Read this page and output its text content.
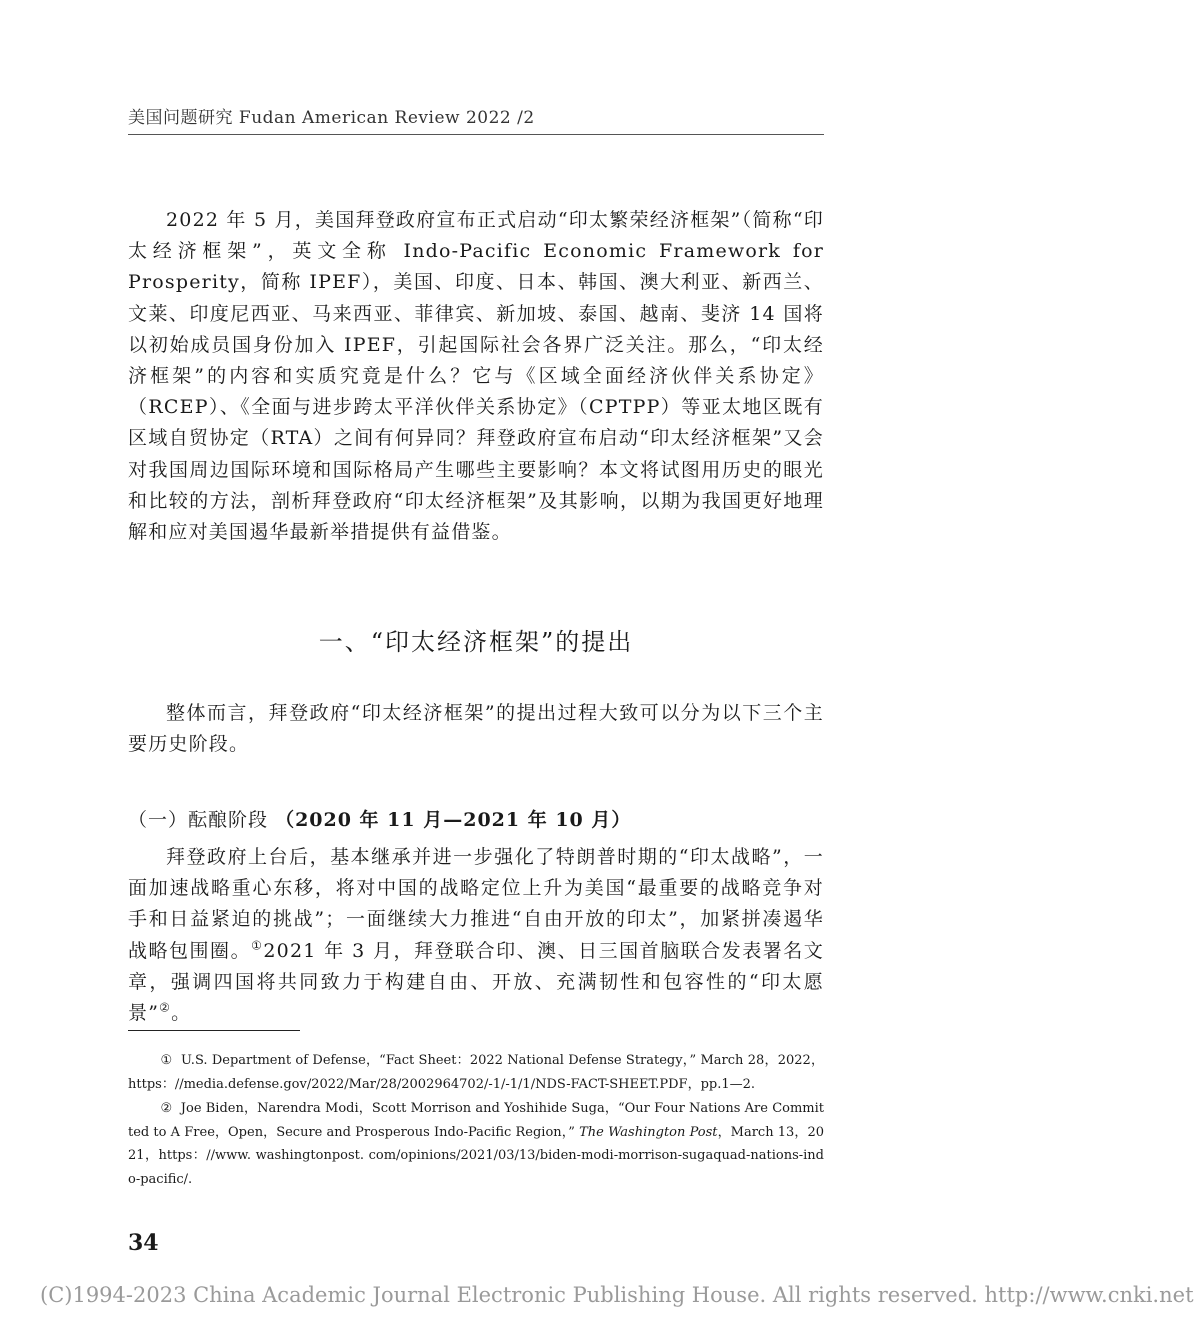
美国问题研究 Fudan American Review 2022 /2

2022 年 5 月，美国拜登政府宣布正式启动“印太繁荣经济框架”（简称“印太经济框架”，英文全称 Indo-Pacific Economic Framework for Prosperity，简称 IPEF），美国、印度、日本、韩国、澳大利亚、新西兰、文莱、印度尼西亚、马来西亚、菲律宾、新加坡、泰国、越南、斐济 14 国将以初始成员国身份加入 IPEF，引起国际社会各界广泛关注。那么，“印太经济框架”的内容和实质究竟是什么？它与《区域全面经济伙伴关系协定》（RCEP）、《全面与进步跨太平洋伙伴关系协定》（CPTPP）等亚太地区既有区域自贸协定（RTA）之间有何异同？拜登政府宣布启动“印太经济框架”又会对我国周边国际环境和国际格局产生哪些主要影响？本文将试图用历史的眼光和比较的方法，剖析拜登政府“印太经济框架”及其影响，以期为我国更好地理解和应对美国遏华最新举措提供有益借鉴。

一、“印太经济框架”的提出

整体而言，拜登政府“印太经济框架”的提出过程大致可以分为以下三个主要历史阶段。

（一）酝酿阶段 （2020 年 11 月—2021 年 10 月）

拜登政府上台后，基本继承并进一步强化了特朗普时期的“印太战略”，一面加速战略重心东移，将对中国的战略定位上升为美国“最重要的战略竞争对手和日益紧迫的挑战”；一面继续大力推进“自由开放的印太”，加紧拼凑遏华战略包围圈。①2021 年 3 月，拜登联合印、澳、日三国首脑联合发表署名文章，强调四国将共同致力于构建自由、开放、充满韧性和包容性的“印太愿景”②。

① U.S. Department of Defense，“Fact Sheet：2022 National Defense Strategy，” March 28，2022，https：//media.defense.gov/2022/Mar/28/2002964702/-1/-1/1/NDS-FACT-SHEET.PDF，pp.1—2.
② Joe Biden，Narendra Modi，Scott Morrison and Yoshihide Suga，“Our Four Nations Are Committed to A Free，Open，Secure and Prosperous Indo-Pacific Region，” The Washington Post，March 13，2021，https：//www. washingtonpost. com/opinions/2021/03/13/biden-modi-morrison-sugaquad-nations-indo-pacific/.
34
(C)1994-2023 China Academic Journal Electronic Publishing House. All rights reserved. http://www.cnki.net
